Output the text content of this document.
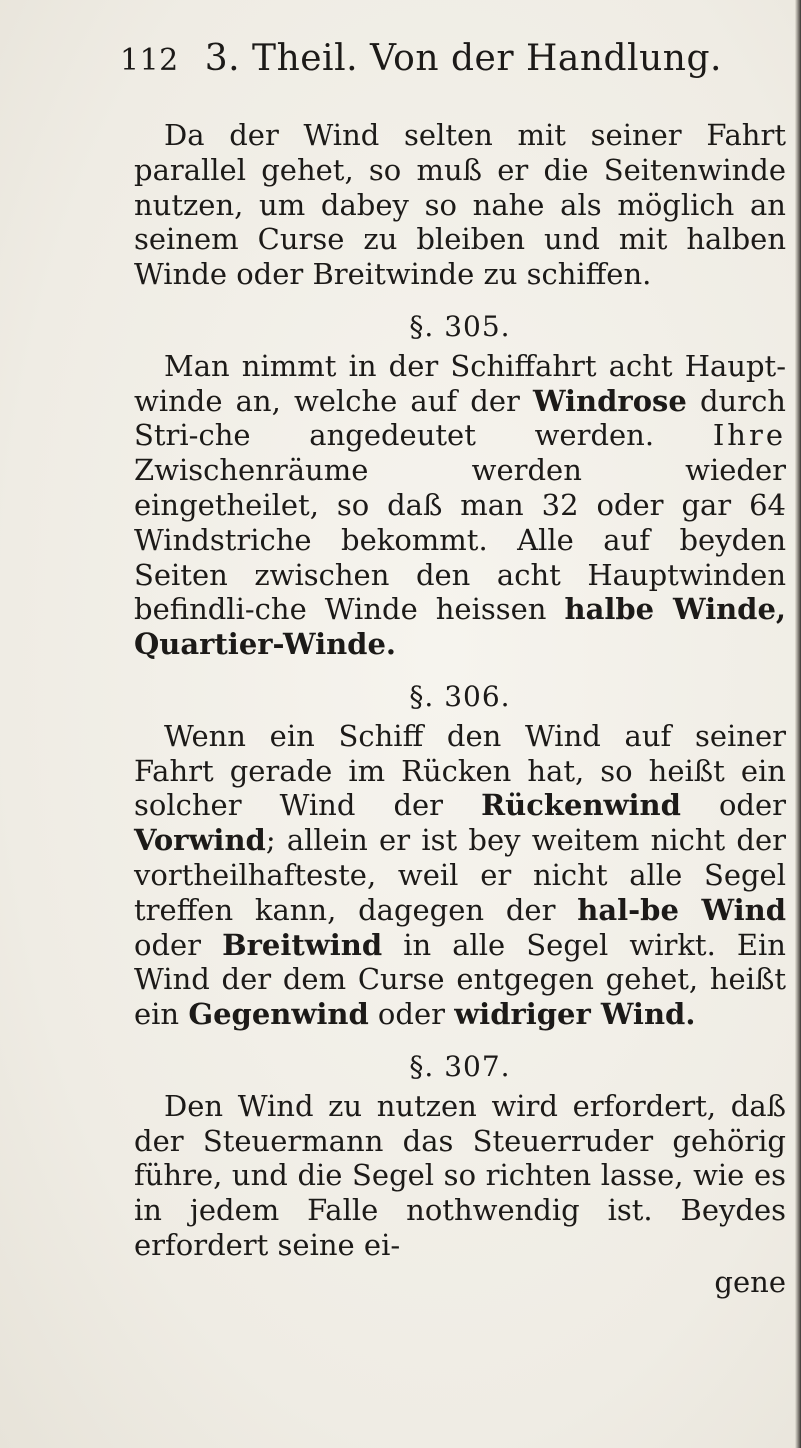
112 3. Theil. Von der Handlung.

Da der Wind selten mit seiner Fahrt parallel gehet, so muß er die Seitenwinde nutzen, um dabey so nahe als möglich an seinem Curse zu bleiben und mit halben Winde oder Breitwinde zu schiffen.

§. 305.

Man nimmt in der Schiffahrt acht Haupt-winde an, welche auf der Windrose durch Stri-che angedeutet werden. Ihre Zwischenräume werden wieder eingetheilet, so daß man 32 oder gar 64 Windstriche bekommt. Alle auf beyden Seiten zwischen den acht Hauptwinden befindli-che Winde heissen halbe Winde, Quartier-Winde.

§. 306.

Wenn ein Schiff den Wind auf seiner Fahrt gerade im Rücken hat, so heißt ein solcher Wind der Rückenwind oder Vorwind; allein er ist bey weitem nicht der vortheilhafteste, weil er nicht alle Segel treffen kann, dagegen der hal-be Wind oder Breitwind in alle Segel wirkt. Ein Wind der dem Curse entgegen gehet, heißt ein Gegenwind oder widriger Wind.

§. 307.

Den Wind zu nutzen wird erfordert, daß der Steuermann das Steuerruder gehörig führe, und die Segel so richten lasse, wie es in jedem Falle nothwendig ist. Beydes erfordert seine ei-

gene
